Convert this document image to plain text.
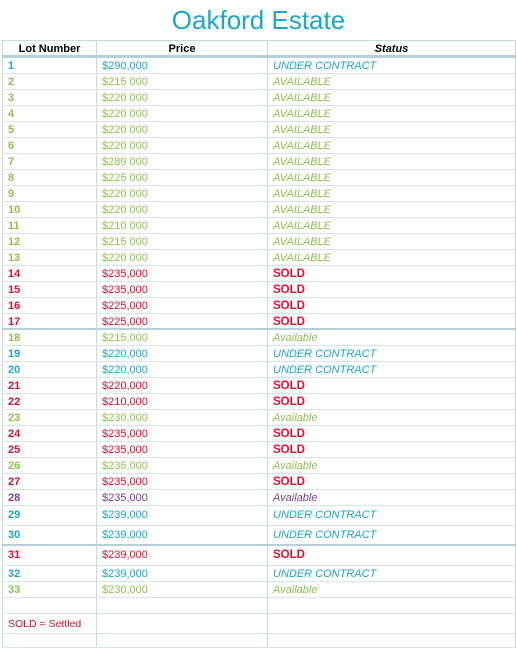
Oakford Estate
Lot Number	Price	Status
1	$290,000	UNDER CONTRACT
2	$215 000	AVAILABLE
3	$220 000	AVAILABLE
4	$220 000	AVAILABLE
5	$220 000	AVAILABLE
6	$220 000	AVAILABLE
7	$289 000	AVAILABLE
8	$225 000	AVAILABLE
9	$220 000	AVAILABLE
10	$220 000	AVAILABLE
11	$210 000	AVAILABLE
12	$215 000	AVAILABLE
13	$220 000	AVAILABLE
14	$235,000	SOLD
15	$235,000	SOLD
16	$225,000	SOLD
17	$225,000	SOLD
18	$215,000	Available
19	$220,000	UNDER CONTRACT
20	$220,000	UNDER CONTRACT
21	$220,000	SOLD
22	$210,000	SOLD
23	$230,000	Available
24	$235,000	SOLD
25	$235,000	SOLD
26	$235,000	Available
27	$235,000	SOLD
28	$235,000	Available
29	$239,000	UNDER CONTRACT
30	$239,000	UNDER CONTRACT
31	$239,000	SOLD
32	$239,000	UNDER CONTRACT
33	$230,000	Available
SOLD = Settled
